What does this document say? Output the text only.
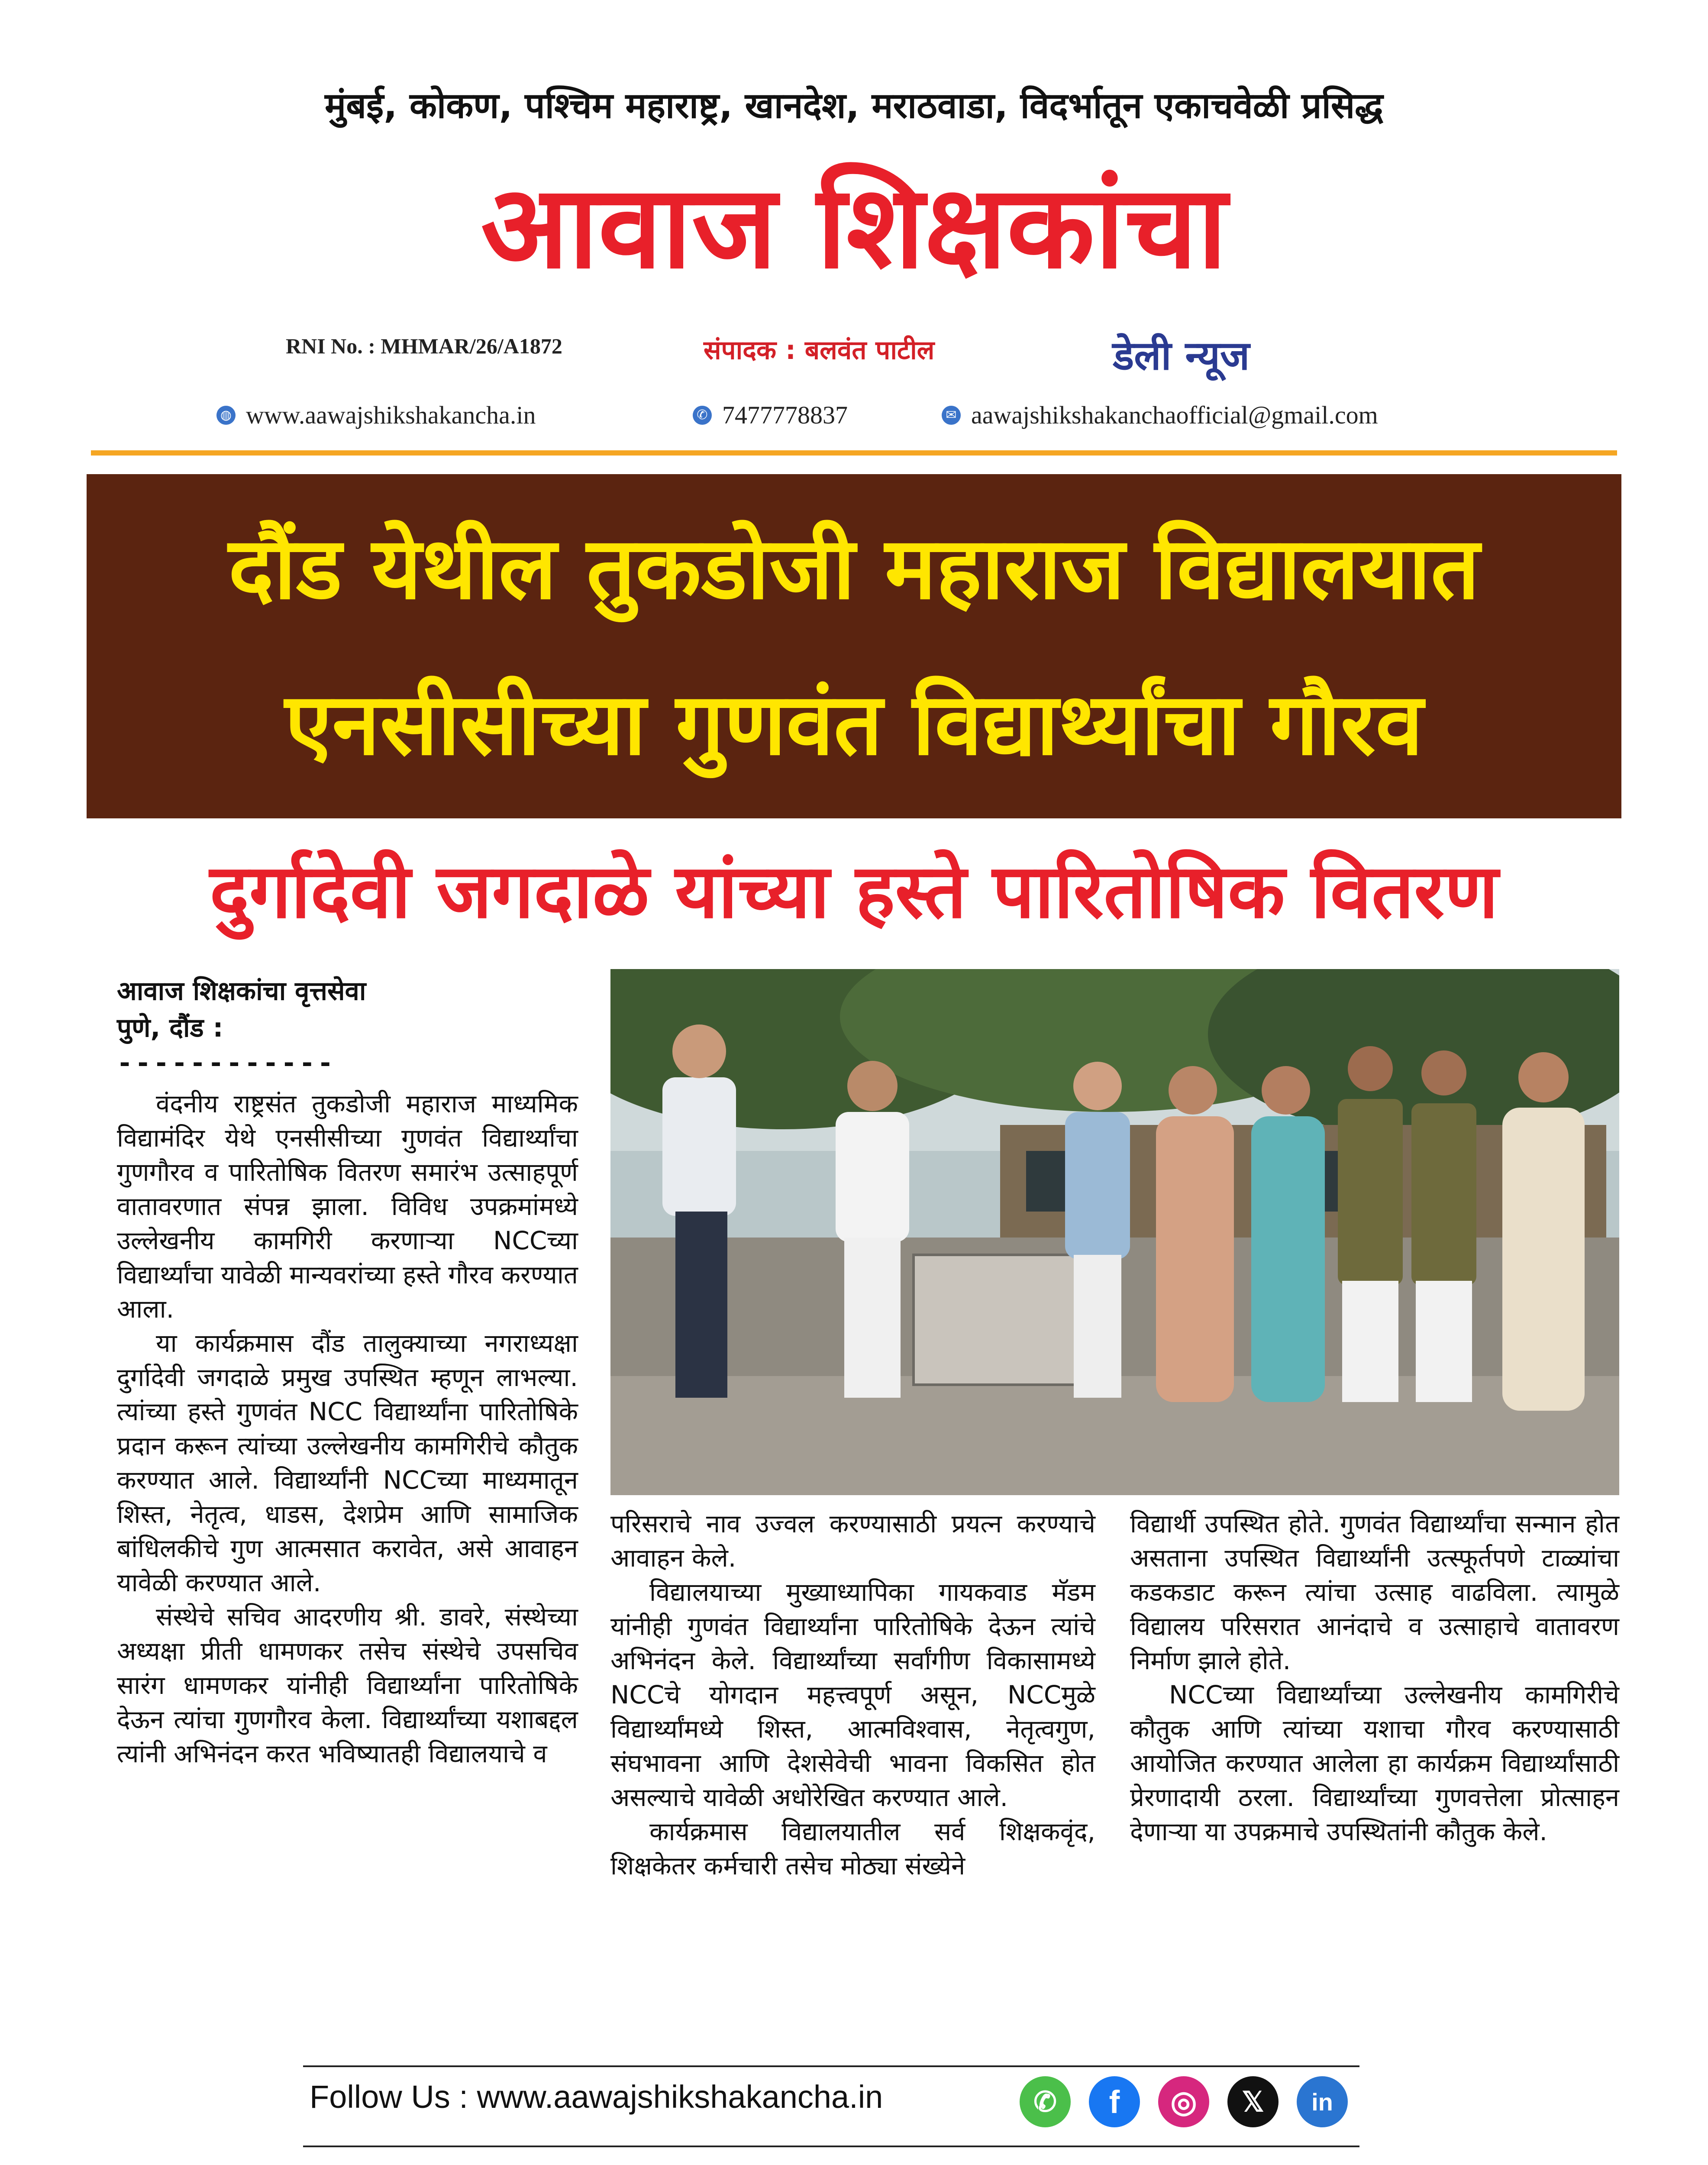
मुंबई, कोकण, पश्चिम महाराष्ट्र, खानदेश, मराठवाडा, विदर्भातून एकाचवेळी प्रसिद्ध
आवाज शिक्षकांचा
RNI No. : MHMAR/26/A1872	संपादक : बलवंत पाटील	डेली न्यूज
◍ www.aawajshikshakancha.in	✆ 7477778837	✉ aawajshikshakanchaofficial@gmail.com
दौंड येथील तुकडोजी महाराज विद्यालयात
एनसीसीच्या गुणवंत विद्यार्थ्यांचा गौरव
दुर्गादेवी जगदाळे यांच्या हस्ते पारितोषिक वितरण
आवाज शिक्षकांचा वृत्तसेवा
पुणे, दौंड :
------------

वंदनीय राष्ट्रसंत तुकडोजी महाराज माध्यमिक विद्यामंदिर येथे एनसीसीच्या गुणवंत विद्यार्थ्यांचा गुणगौरव व पारितोषिक वितरण समारंभ उत्साहपूर्ण वातावरणात संपन्न झाला. विविध उपक्रमांमध्ये उल्लेखनीय कामगिरी करणाऱ्या NCCच्या विद्यार्थ्यांचा यावेळी मान्यवरांच्या हस्ते गौरव करण्यात आला.

या कार्यक्रमास दौंड तालुक्याच्या नगराध्यक्षा दुर्गादेवी जगदाळे प्रमुख उपस्थित म्हणून लाभल्या. त्यांच्या हस्ते गुणवंत NCC विद्यार्थ्यांना पारितोषिके प्रदान करून त्यांच्या उल्लेखनीय कामगिरीचे कौतुक करण्यात आले. विद्यार्थ्यांनी NCCच्या माध्यमातून शिस्त, नेतृत्व, धाडस, देशप्रेम आणि सामाजिक बांधिलकीचे गुण आत्मसात करावेत, असे आवाहन यावेळी करण्यात आले.

संस्थेचे सचिव आदरणीय श्री. डावरे, संस्थेच्या अध्यक्षा प्रीती धामणकर तसेच संस्थेचे उपसचिव सारंग धामणकर यांनीही विद्यार्थ्यांना पारितोषिके देऊन त्यांचा गुणगौरव केला. विद्यार्थ्यांच्या यशाबद्दल त्यांनी अभिनंदन करत भविष्यातही विद्यालयाचे व

परिसराचे नाव उज्वल करण्यासाठी प्रयत्न करण्याचे आवाहन केले.

विद्यालयाच्या मुख्याध्यापिका गायकवाड मॅडम यांनीही गुणवंत विद्यार्थ्यांना पारितोषिके देऊन त्यांचे अभिनंदन केले. विद्यार्थ्यांच्या सर्वांगीण विकासामध्ये NCCचे योगदान महत्त्वपूर्ण असून, NCCमुळे विद्यार्थ्यांमध्ये शिस्त, आत्मविश्वास, नेतृत्वगुण, संघभावना आणि देशसेवेची भावना विकसित होत असल्याचे यावेळी अधोरेखित करण्यात आले.

कार्यक्रमास विद्यालयातील सर्व शिक्षकवृंद, शिक्षकेतर कर्मचारी तसेच मोठ्या संख्येने

विद्यार्थी उपस्थित होते. गुणवंत विद्यार्थ्यांचा सन्मान होत असताना उपस्थित विद्यार्थ्यांनी उत्स्फूर्तपणे टाळ्यांचा कडकडाट करून त्यांचा उत्साह वाढविला. त्यामुळे विद्यालय परिसरात आनंदाचे व उत्साहाचे वातावरण निर्माण झाले होते.

NCCच्या विद्यार्थ्यांच्या उल्लेखनीय कामगिरीचे कौतुक आणि त्यांच्या यशाचा गौरव करण्यासाठी आयोजित करण्यात आलेला हा कार्यक्रम विद्यार्थ्यांसाठी प्रेरणादायी ठरला. विद्यार्थ्यांच्या गुणवत्तेला प्रोत्साहन देणाऱ्या या उपक्रमाचे उपस्थितांनी कौतुक केले.

Follow Us : www.aawajshikshakancha.in	✆	f	◎	𝕏	in
